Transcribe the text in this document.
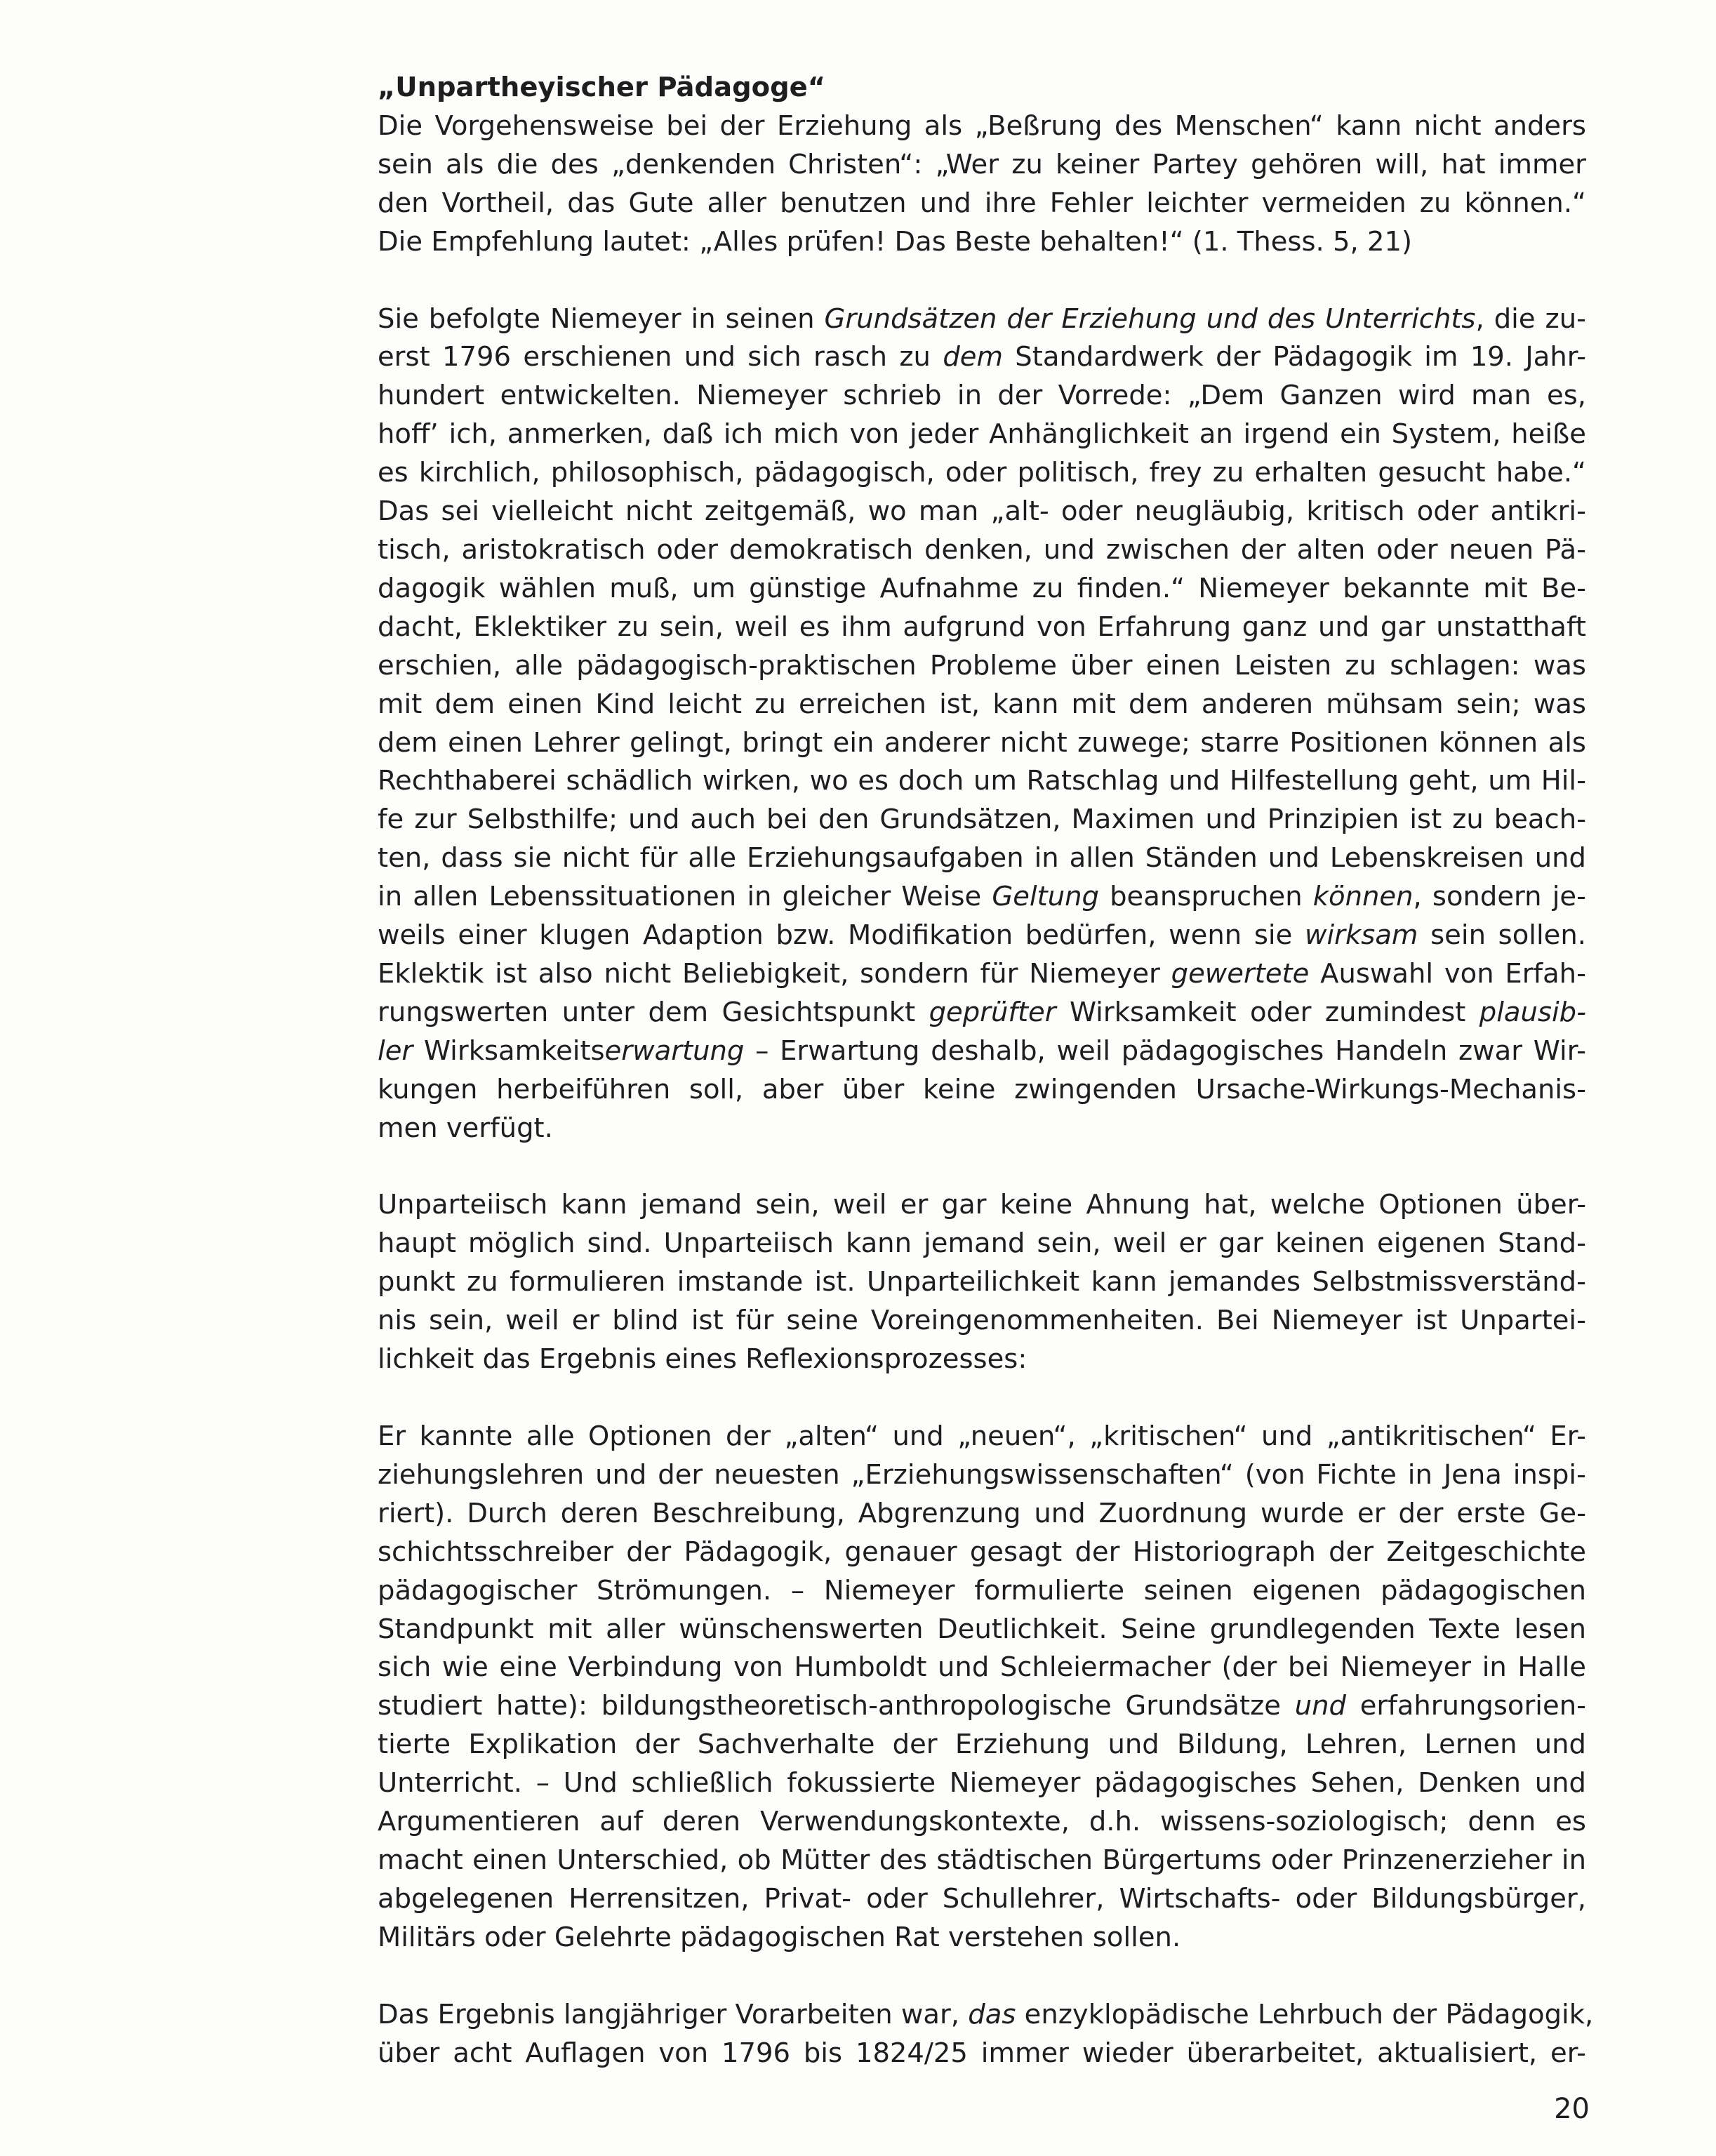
„Unpartheyischer Pädagoge“
Die Vorgehensweise bei der Erziehung als „Beßrung des Menschen“ kann nicht anders
sein als die des „denkenden Christen“: „Wer zu keiner Partey gehören will, hat immer
den Vortheil, das Gute aller benutzen und ihre Fehler leichter vermeiden zu können.“
Die Empfehlung lautet: „Alles prüfen! Das Beste behalten!“ (1. Thess. 5, 21)
Sie befolgte Niemeyer in seinen Grundsätzen der Erziehung und des Unterrichts, die zu-
erst 1796 erschienen und sich rasch zu dem Standardwerk der Pädagogik im 19. Jahr-
hundert entwickelten. Niemeyer schrieb in der Vorrede: „Dem Ganzen wird man es,
hoff’ ich, anmerken, daß ich mich von jeder Anhänglichkeit an irgend ein System, heiße
es kirchlich, philosophisch, pädagogisch, oder politisch, frey zu erhalten gesucht habe.“
Das sei vielleicht nicht zeitgemäß, wo man „alt- oder neugläubig, kritisch oder antikri-
tisch, aristokratisch oder demokratisch denken, und zwischen der alten oder neuen Pä-
dagogik wählen muß, um günstige Aufnahme zu finden.“ Niemeyer bekannte mit Be-
dacht, Eklektiker zu sein, weil es ihm aufgrund von Erfahrung ganz und gar unstatthaft
erschien, alle pädagogisch-praktischen Probleme über einen Leisten zu schlagen: was
mit dem einen Kind leicht zu erreichen ist, kann mit dem anderen mühsam sein; was
dem einen Lehrer gelingt, bringt ein anderer nicht zuwege; starre Positionen können als
Rechthaberei schädlich wirken, wo es doch um Ratschlag und Hilfestellung geht, um Hil-
fe zur Selbsthilfe; und auch bei den Grundsätzen, Maximen und Prinzipien ist zu beach-
ten, dass sie nicht für alle Erziehungsaufgaben in allen Ständen und Lebenskreisen und
in allen Lebenssituationen in gleicher Weise Geltung beanspruchen können, sondern je-
weils einer klugen Adaption bzw. Modifikation bedürfen, wenn sie wirksam sein sollen.
Eklektik ist also nicht Beliebigkeit, sondern für Niemeyer gewertete Auswahl von Erfah-
rungswerten unter dem Gesichtspunkt geprüfter Wirksamkeit oder zumindest plausib-
ler Wirksamkeitserwartung – Erwartung deshalb, weil pädagogisches Handeln zwar Wir-
kungen herbeiführen soll, aber über keine zwingenden Ursache-Wirkungs-Mechanis-
men verfügt.
Unparteiisch kann jemand sein, weil er gar keine Ahnung hat, welche Optionen über-
haupt möglich sind. Unparteiisch kann jemand sein, weil er gar keinen eigenen Stand-
punkt zu formulieren imstande ist. Unparteilichkeit kann jemandes Selbstmissverständ-
nis sein, weil er blind ist für seine Voreingenommenheiten. Bei Niemeyer ist Unpartei-
lichkeit das Ergebnis eines Reflexionsprozesses:
Er kannte alle Optionen der „alten“ und „neuen“, „kritischen“ und „antikritischen“ Er-
ziehungslehren und der neuesten „Erziehungswissenschaften“ (von Fichte in Jena inspi-
riert). Durch deren Beschreibung, Abgrenzung und Zuordnung wurde er der erste Ge-
schichtsschreiber der Pädagogik, genauer gesagt der Historiograph der Zeitgeschichte
pädagogischer Strömungen. – Niemeyer formulierte seinen eigenen pädagogischen
Standpunkt mit aller wünschenswerten Deutlichkeit. Seine grundlegenden Texte lesen
sich wie eine Verbindung von Humboldt und Schleiermacher (der bei Niemeyer in Halle
studiert hatte): bildungstheoretisch-anthropologische Grundsätze und erfahrungsorien-
tierte Explikation der Sachverhalte der Erziehung und Bildung, Lehren, Lernen und
Unterricht. – Und schließlich fokussierte Niemeyer pädagogisches Sehen, Denken und
Argumentieren auf deren Verwendungskontexte, d.h. wissens-soziologisch; denn es
macht einen Unterschied, ob Mütter des städtischen Bürgertums oder Prinzenerzieher in
abgelegenen Herrensitzen, Privat- oder Schullehrer, Wirtschafts- oder Bildungsbürger,
Militärs oder Gelehrte pädagogischen Rat verstehen sollen.
Das Ergebnis langjähriger Vorarbeiten war, das enzyklopädische Lehrbuch der Pädagogik,
über acht Auflagen von 1796 bis 1824/25 immer wieder überarbeitet, aktualisiert, er-
20
